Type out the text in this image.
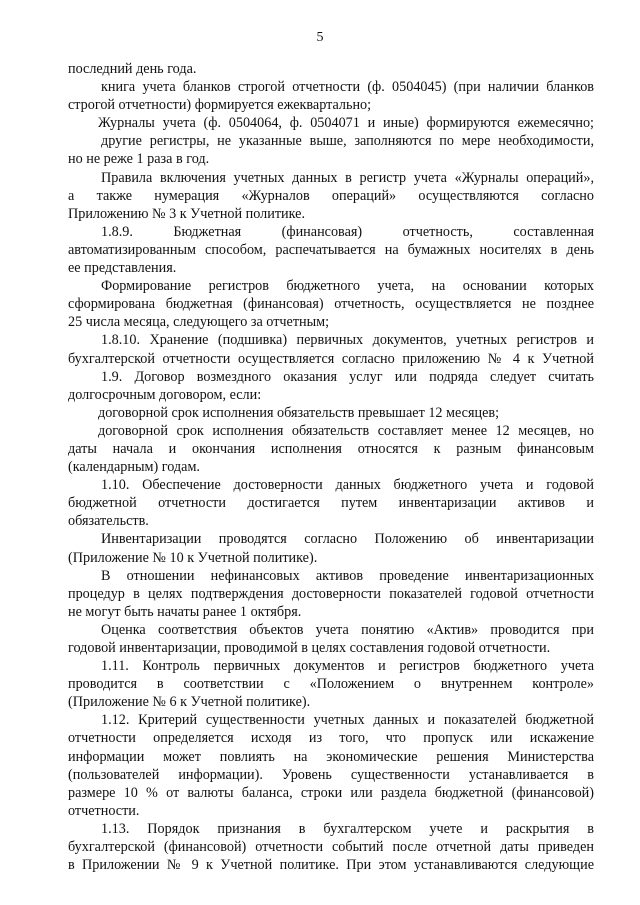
5

последний день года.

книга учета бланков строгой отчетности (ф. 0504045) (при наличии бланков

строгой отчетности) формируется ежеквартально;

Журналы учета (ф. 0504064, ф. 0504071 и иные) формируются ежемесячно;

другие регистры, не указанные выше, заполняются по мере необходимости,

но не реже 1 раза в год.

Правила включения учетных данных в регистр учета «Журналы операций»,

а также нумерация «Журналов операций» осуществляются согласно

Приложению № 3 к Учетной политике.

1.8.9. Бюджетная (финансовая) отчетность, составленная

автоматизированным способом, распечатывается на бумажных носителях в день

ее представления.

Формирование регистров бюджетного учета, на основании которых

сформирована бюджетная (финансовая) отчетность, осуществляется не позднее

25 числа месяца, следующего за отчетным;

1.8.10. Хранение (подшивка) первичных документов, учетных регистров и

бухгалтерской отчетности осуществляется согласно приложению № 4 к Учетной

1.9. Договор возмездного оказания услуг или подряда следует считать

долгосрочным договором, если:

договорной срок исполнения обязательств превышает 12 месяцев;

договорной срок исполнения обязательств составляет менее 12 месяцев, но

даты начала и окончания исполнения относятся к разным финансовым

(календарным) годам.

1.10. Обеспечение достоверности данных бюджетного учета и годовой

бюджетной отчетности достигается путем инвентаризации активов и

обязательств.

Инвентаризации проводятся согласно Положению об инвентаризации

(Приложение № 10 к Учетной политике).

В отношении нефинансовых активов проведение инвентаризационных

процедур в целях подтверждения достоверности показателей годовой отчетности

не могут быть начаты ранее 1 октября.

Оценка соответствия объектов учета понятию «Актив» проводится при

годовой инвентаризации, проводимой в целях составления годовой отчетности.

1.11. Контроль первичных документов и регистров бюджетного учета

проводится в соответствии с «Положением о внутреннем контроле»

(Приложение № 6 к Учетной политике).

1.12. Критерий существенности учетных данных и показателей бюджетной

отчетности определяется исходя из того, что пропуск или искажение

информации может повлиять на экономические решения Министерства

(пользователей информации). Уровень существенности устанавливается в

размере 10 % от валюты баланса, строки или раздела бюджетной (финансовой)

отчетности.

1.13. Порядок признания в бухгалтерском учете и раскрытия в

бухгалтерской (финансовой) отчетности событий после отчетной даты приведен

в Приложении № 9 к Учетной политике. При этом устанавливаются следующие
